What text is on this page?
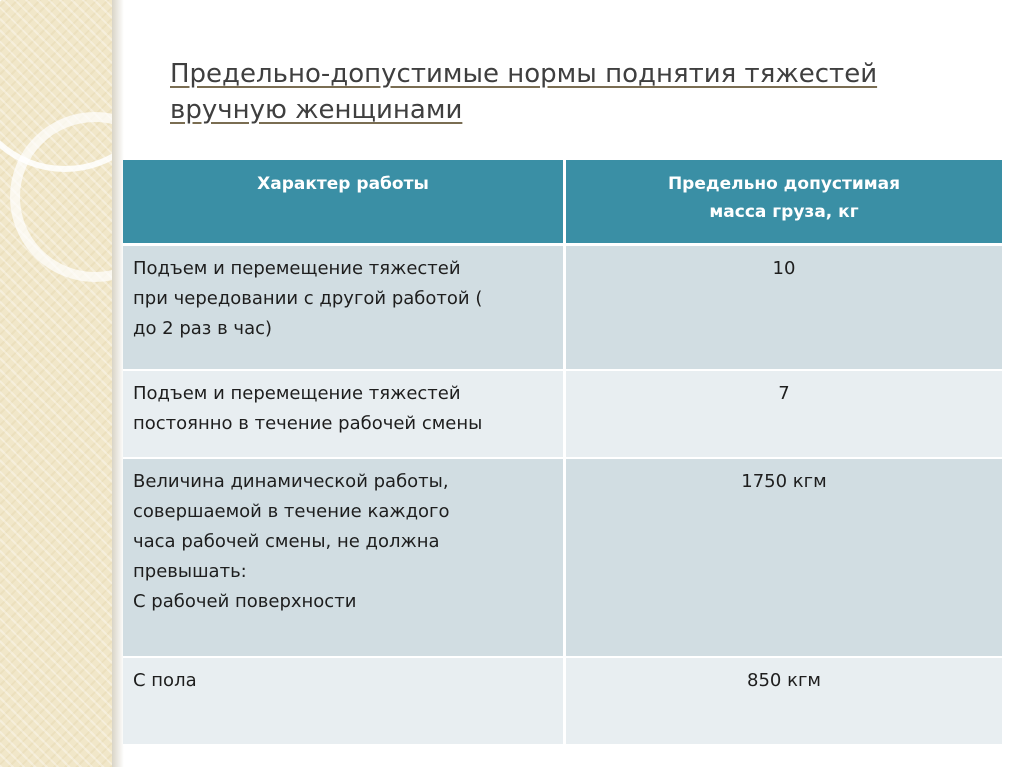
Предельно-допустимые нормы поднятия тяжестей
вручную женщинами
Характер работы	Предельно допустимая
масса груза, кг

Подъем и перемещение тяжестей
при чередовании с другой работой (
до 2 раз в час)	10

Подъем и перемещение тяжестей
постоянно в течение рабочей смены	7

Величина динамической работы,
совершаемой в течение каждого
часа рабочей смены, не должна
превышать:
С рабочей поверхности	1750 кгм

С пола	850 кгм
